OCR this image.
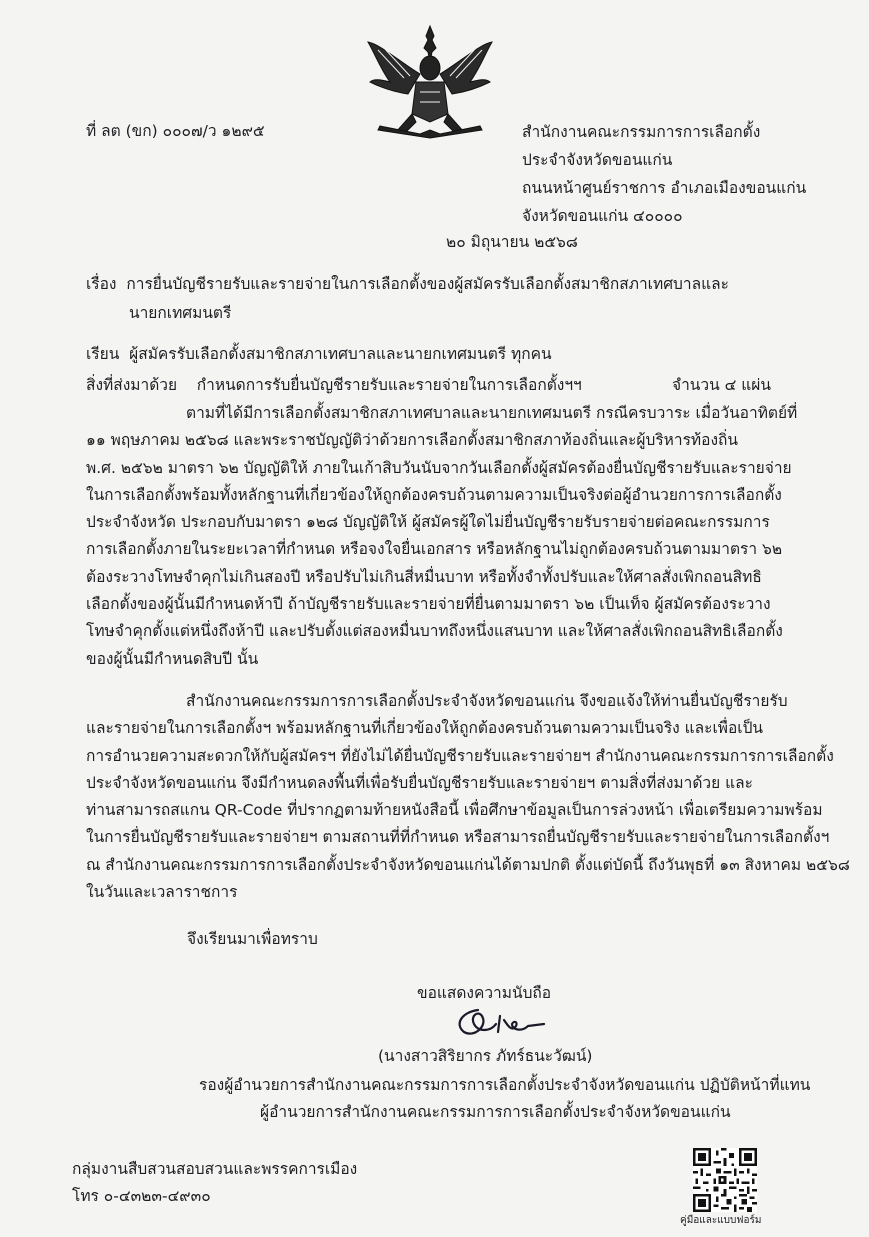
ที่ ลต (ขก) ๐๐๐๗/ว ๑๒๙๕	สำนักงานคณะกรรมการการเลือกตั้ง
ประจำจังหวัดขอนแก่น
ถนนหน้าศูนย์ราชการ อำเภอเมืองขอนแก่น
จังหวัดขอนแก่น ๔๐๐๐๐
๒๐ มิถุนายน ๒๕๖๘
เรื่อง การยื่นบัญชีรายรับและรายจ่ายในการเลือกตั้งของผู้สมัครรับเลือกตั้งสมาชิกสภาเทศบาลและ
นายกเทศมนตรี
เรียน ผู้สมัครรับเลือกตั้งสมาชิกสภาเทศบาลและนายกเทศมนตรี ทุกคน
สิ่งที่ส่งมาด้วย กำหนดการรับยื่นบัญชีรายรับและรายจ่ายในการเลือกตั้งฯฯ	จำนวน ๔ แผ่น
ตามที่ได้มีการเลือกตั้งสมาชิกสภาเทศบาลและนายกเทศมนตรี กรณีครบวาระ เมื่อวันอาทิตย์ที่
๑๑ พฤษภาคม ๒๕๖๘ และพระราชบัญญัติว่าด้วยการเลือกตั้งสมาชิกสภาท้องถิ่นและผู้บริหารท้องถิ่น
พ.ศ. ๒๕๖๒ มาตรา ๖๒ บัญญัติให้ ภายในเก้าสิบวันนับจากวันเลือกตั้งผู้สมัครต้องยื่นบัญชีรายรับและรายจ่าย
ในการเลือกตั้งพร้อมทั้งหลักฐานที่เกี่ยวข้องให้ถูกต้องครบถ้วนตามความเป็นจริงต่อผู้อำนวยการการเลือกตั้ง
ประจำจังหวัด ประกอบกับมาตรา ๑๒๘ บัญญัติให้ ผู้สมัครผู้ใดไม่ยื่นบัญชีรายรับรายจ่ายต่อคณะกรรมการ
การเลือกตั้งภายในระยะเวลาที่กำหนด หรือจงใจยื่นเอกสาร หรือหลักฐานไม่ถูกต้องครบถ้วนตามมาตรา ๖๒
ต้องระวางโทษจำคุกไม่เกินสองปี หรือปรับไม่เกินสี่หมื่นบาท หรือทั้งจำทั้งปรับและให้ศาลสั่งเพิกถอนสิทธิ
เลือกตั้งของผู้นั้นมีกำหนดห้าปี ถ้าบัญชีรายรับและรายจ่ายที่ยื่นตามมาตรา ๖๒ เป็นเท็จ ผู้สมัครต้องระวาง
โทษจำคุกตั้งแต่หนึ่งถึงห้าปี และปรับตั้งแต่สองหมื่นบาทถึงหนึ่งแสนบาท และให้ศาลสั่งเพิกถอนสิทธิเลือกตั้ง
ของผู้นั้นมีกำหนดสิบปี นั้น
สำนักงานคณะกรรมการการเลือกตั้งประจำจังหวัดขอนแก่น จึงขอแจ้งให้ท่านยื่นบัญชีรายรับ
และรายจ่ายในการเลือกตั้งฯ พร้อมหลักฐานที่เกี่ยวข้องให้ถูกต้องครบถ้วนตามความเป็นจริง และเพื่อเป็น
การอำนวยความสะดวกให้กับผู้สมัครฯ ที่ยังไม่ได้ยื่นบัญชีรายรับและรายจ่ายฯ สำนักงานคณะกรรมการการเลือกตั้ง
ประจำจังหวัดขอนแก่น จึงมีกำหนดลงพื้นที่เพื่อรับยื่นบัญชีรายรับและรายจ่ายฯ ตามสิ่งที่ส่งมาด้วย และ
ท่านสามารถสแกน QR-Code ที่ปรากฏตามท้ายหนังสือนี้ เพื่อศึกษาข้อมูลเป็นการล่วงหน้า เพื่อเตรียมความพร้อม
ในการยื่นบัญชีรายรับและรายจ่ายฯ ตามสถานที่ที่กำหนด หรือสามารถยื่นบัญชีรายรับและรายจ่ายในการเลือกตั้งฯ
ณ สำนักงานคณะกรรมการการเลือกตั้งประจำจังหวัดขอนแก่นได้ตามปกติ ตั้งแต่บัดนี้ ถึงวันพุธที่ ๑๓ สิงหาคม ๒๕๖๘
ในวันและเวลาราชการ
จึงเรียนมาเพื่อทราบ
ขอแสดงความนับถือ
(นางสาวสิริยากร ภัทร์ธนะวัฒน์)
รองผู้อำนวยการสำนักงานคณะกรรมการการเลือกตั้งประจำจังหวัดขอนแก่น ปฏิบัติหน้าที่แทน
ผู้อำนวยการสำนักงานคณะกรรมการการเลือกตั้งประจำจังหวัดขอนแก่น
กลุ่มงานสืบสวนสอบสวนและพรรคการเมือง
โทร ๐-๔๓๒๓-๔๙๓๐
คู่มือและแบบฟอร์ม
